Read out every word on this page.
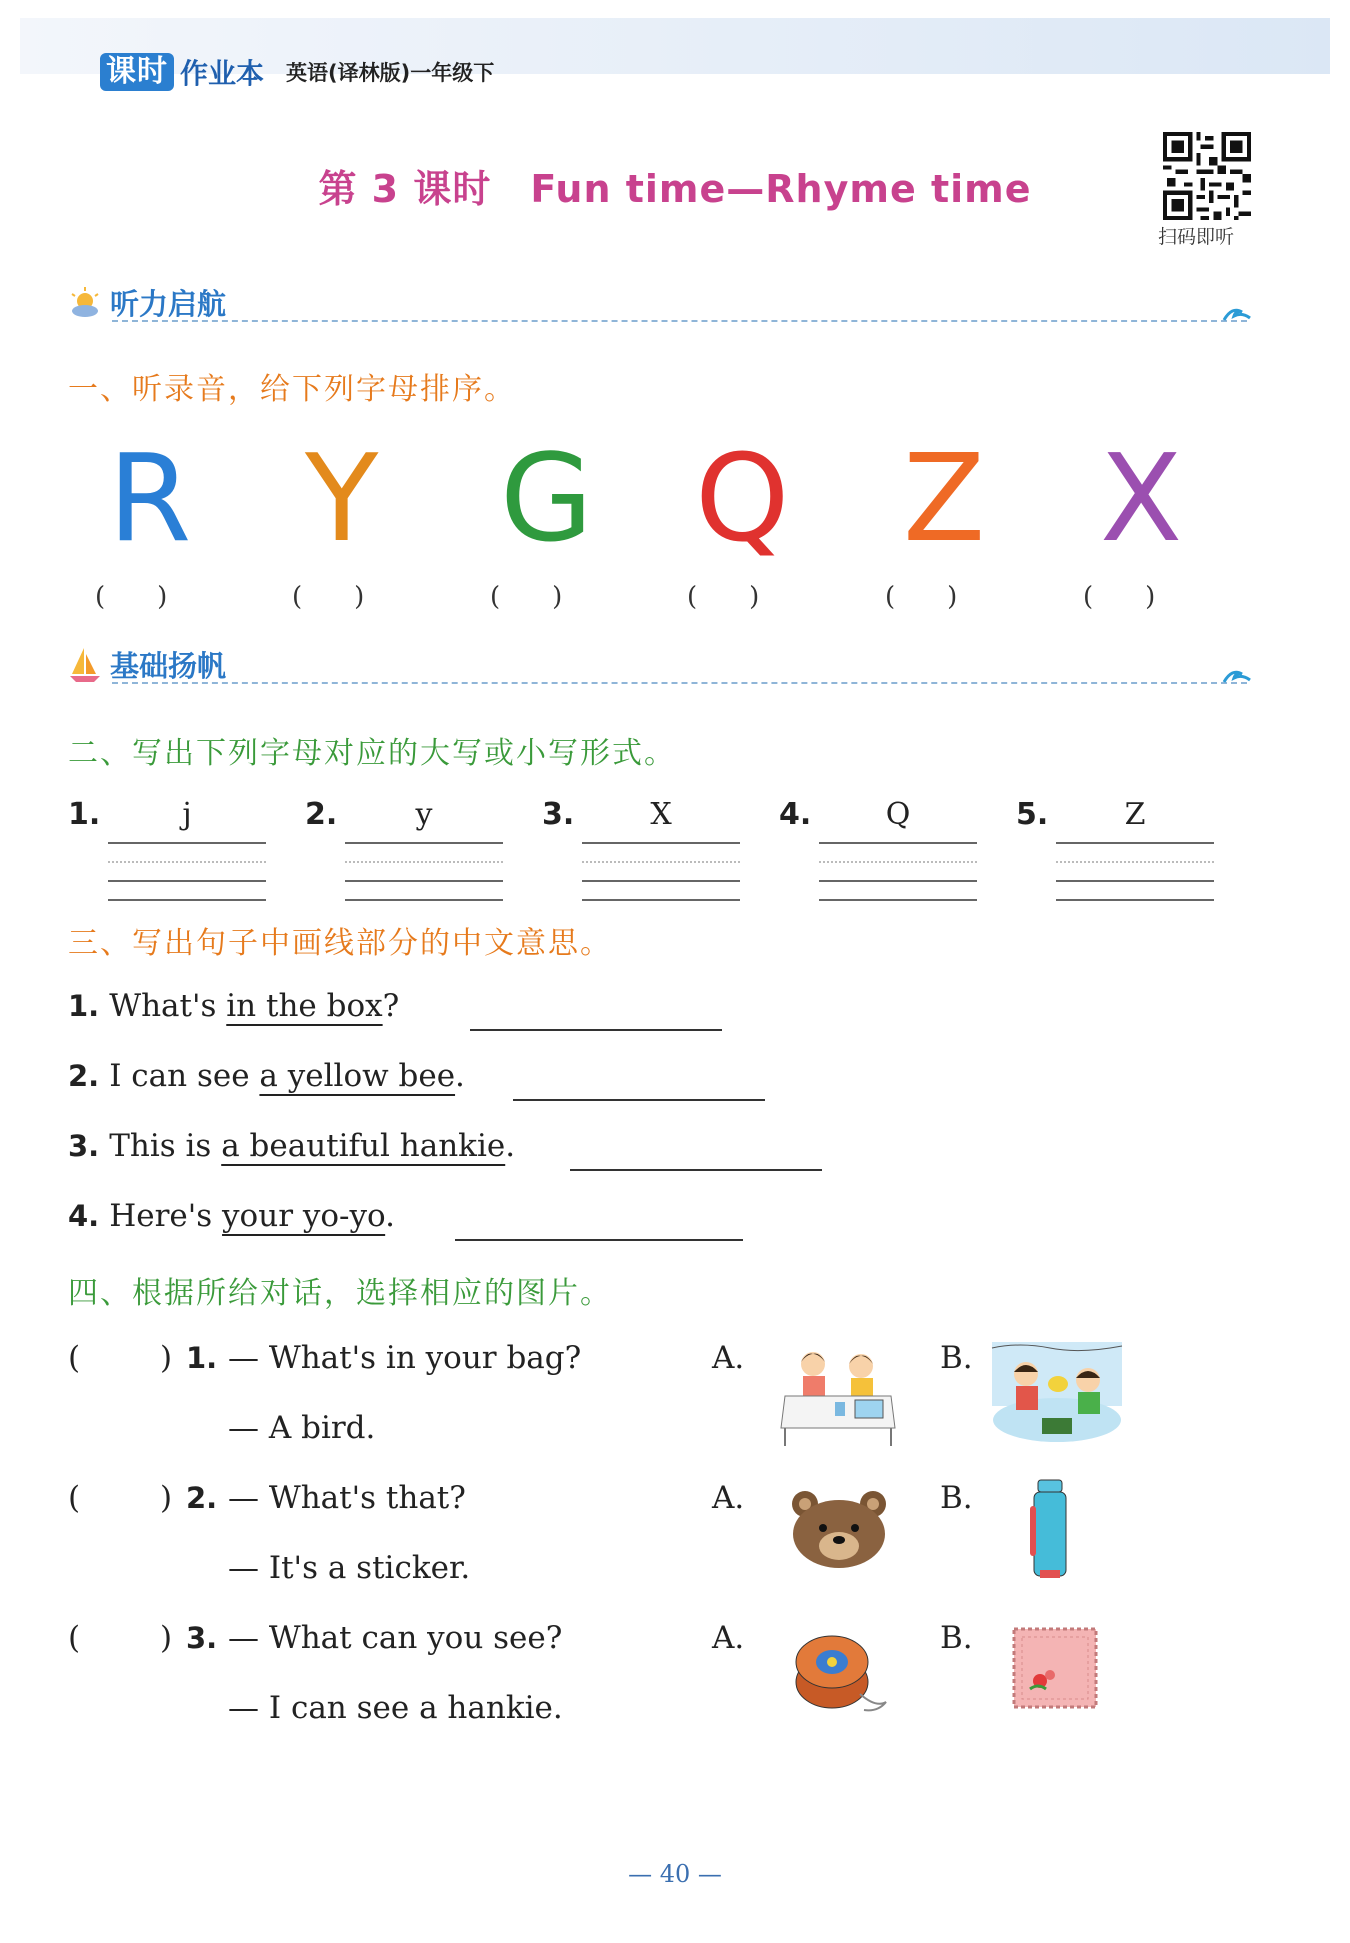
课时 作业本 英语(译林版)一年级下
第 3 课时　Fun time—Rhyme time
扫码即听
听力启航
一、听录音，给下列字母排序。
R Y G Q Z X
(　　)	(　　)	(　　)	(　　)	(　　)	(　　)
基础扬帆
二、写出下列字母对应的大写或小写形式。
1.	j	2.	y	3.	X	4.	Q	5.	Z
三、写出句子中画线部分的中文意思。
1. What's in the box?
2. I can see a yellow bee.
3. This is a beautiful hankie.
4. Here's your yo-yo.
四、根据所给对话，选择相应的图片。
(	) 1. — What's in your bag?
— A bird.
A.	B.
(	) 2. — What's that?
— It's a sticker.
A.	B.
(	) 3. — What can you see?
— I can see a hankie.
A.	B.
— 40 —
